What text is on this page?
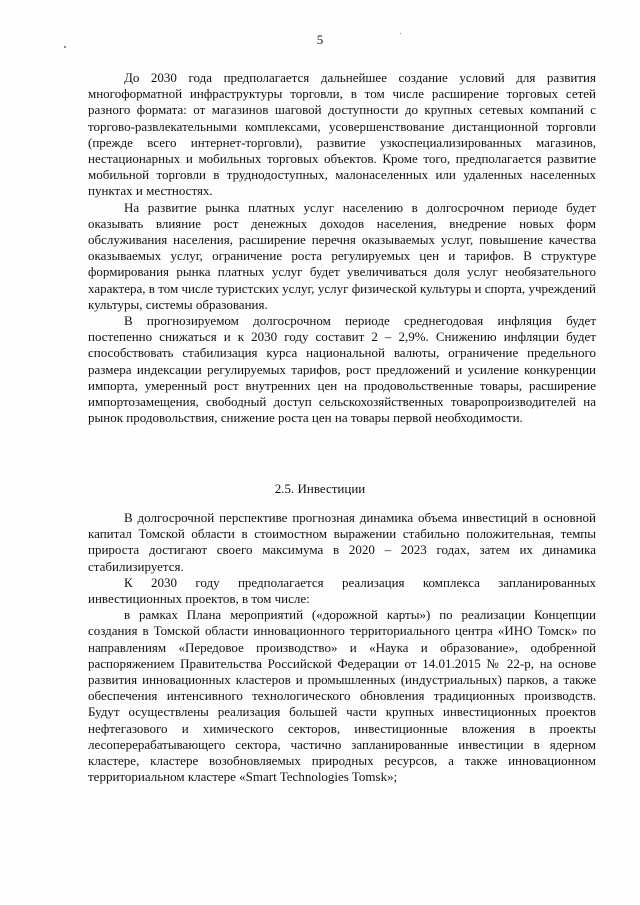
5

До 2030 года предполагается дальнейшее создание условий для развития многоформатной инфраструктуры торговли, в том числе расширение торговых сетей разного формата: от магазинов шаговой доступности до крупных сетевых компаний с торгово-развлекательными комплексами, усовершенствование дистанционной торговли (прежде всего интернет-торговли), развитие узкоспециализированных магазинов, нестационарных и мобильных торговых объектов. Кроме того, предполагается развитие мобильной торговли в труднодоступных, малонаселенных или удаленных населенных пунктах и местностях.

На развитие рынка платных услуг населению в долгосрочном периоде будет оказывать влияние рост денежных доходов населения, внедрение новых форм обслуживания населения, расширение перечня оказываемых услуг, повышение качества оказываемых услуг, ограничение роста регулируемых цен и тарифов. В структуре формирования рынка платных услуг будет увеличиваться доля услуг необязательного характера, в том числе туристских услуг, услуг физической культуры и спорта, учреждений культуры, системы образования.

В прогнозируемом долгосрочном периоде среднегодовая инфляция будет постепенно снижаться и к 2030 году составит 2 – 2,9%. Снижению инфляции будет способствовать стабилизация курса национальной валюты, ограничение предельного размера индексации регулируемых тарифов, рост предложений и усиление конкуренции импорта, умеренный рост внутренних цен на продовольственные товары, расширение импортозамещения, свободный доступ сельскохозяйственных товаропроизводителей на рынок продовольствия, снижение роста цен на товары первой необходимости.

2.5. Инвестиции

В долгосрочной перспективе прогнозная динамика объема инвестиций в основной капитал Томской области в стоимостном выражении стабильно положительная, темпы прироста достигают своего максимума в 2020 – 2023 годах, затем их динамика стабилизируется.

К 2030 году предполагается реализация комплекса запланированных инвестиционных проектов, в том числе:

в рамках Плана мероприятий («дорожной карты») по реализации Концепции создания в Томской области инновационного территориального центра «ИНО Томск» по направлениям «Передовое производство» и «Наука и образование», одобренной распоряжением Правительства Российской Федерации от 14.01.2015 № 22-р, на основе развития инновационных кластеров и промышленных (индустриальных) парков, а также обеспечения интенсивного технологического обновления традиционных производств. Будут осуществлены реализация большей части крупных инвестиционных проектов нефтегазового и химического секторов, инвестиционные вложения в проекты лесоперерабатывающего сектора, частично запланированные инвестиции в ядерном кластере, кластере возобновляемых природных ресурсов, а также инновационном территориальном кластере «Smart Technologies Tomsk»;
